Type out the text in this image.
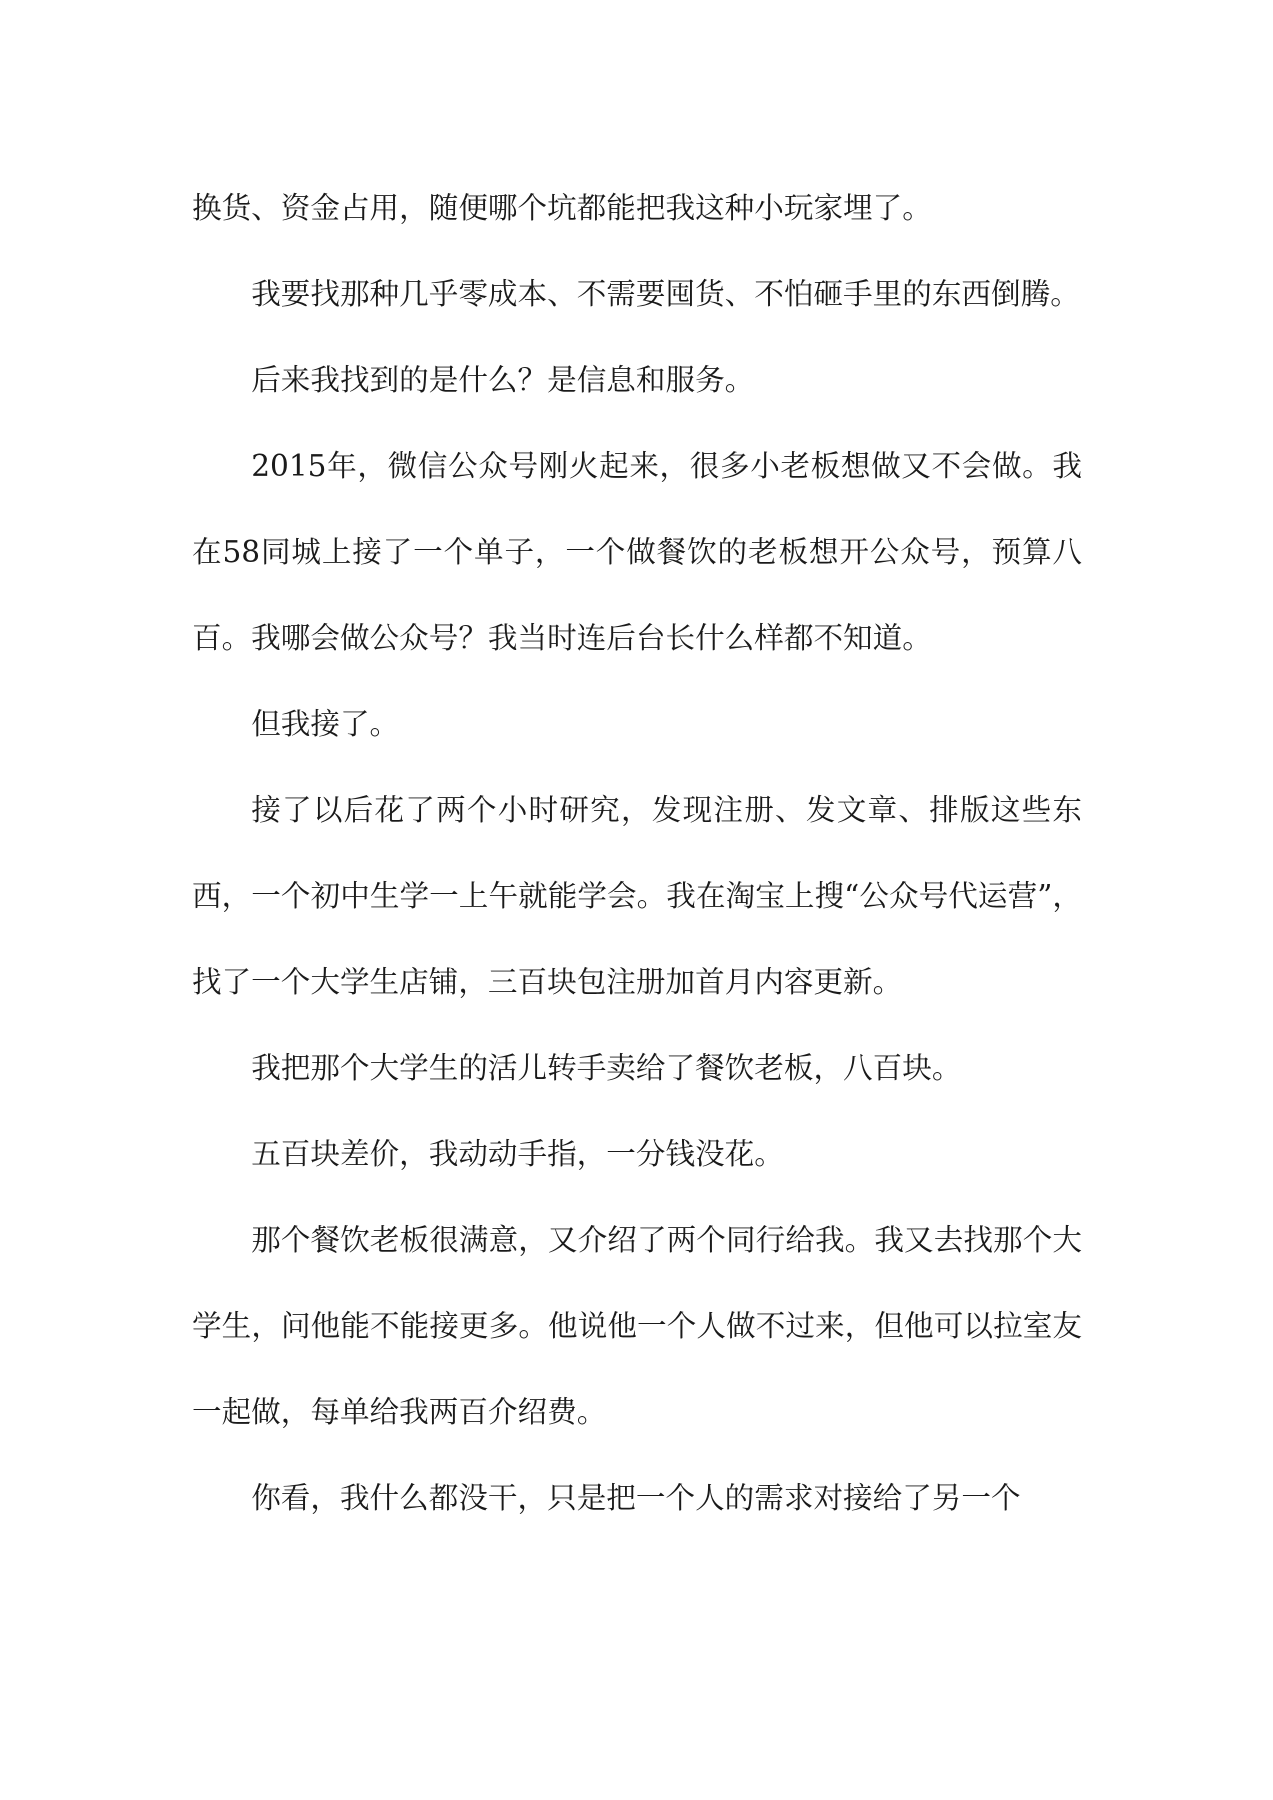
换货、资金占用，随便哪个坑都能把我这种小玩家埋了。

我要找那种几乎零成本、不需要囤货、不怕砸手里的东西倒腾。

后来我找到的是什么？是信息和服务。

2015年，微信公众号刚火起来，很多小老板想做又不会做。我在58同城上接了一个单子，一个做餐饮的老板想开公众号，预算八百。我哪会做公众号？我当时连后台长什么样都不知道。

但我接了。

接了以后花了两个小时研究，发现注册、发文章、排版这些东西，一个初中生学一上午就能学会。我在淘宝上搜“公众号代运营”，找了一个大学生店铺，三百块包注册加首月内容更新。

我把那个大学生的活儿转手卖给了餐饮老板，八百块。

五百块差价，我动动手指，一分钱没花。

那个餐饮老板很满意，又介绍了两个同行给我。我又去找那个大学生，问他能不能接更多。他说他一个人做不过来，但他可以拉室友一起做，每单给我两百介绍费。

你看，我什么都没干，只是把一个人的需求对接给了另一个
